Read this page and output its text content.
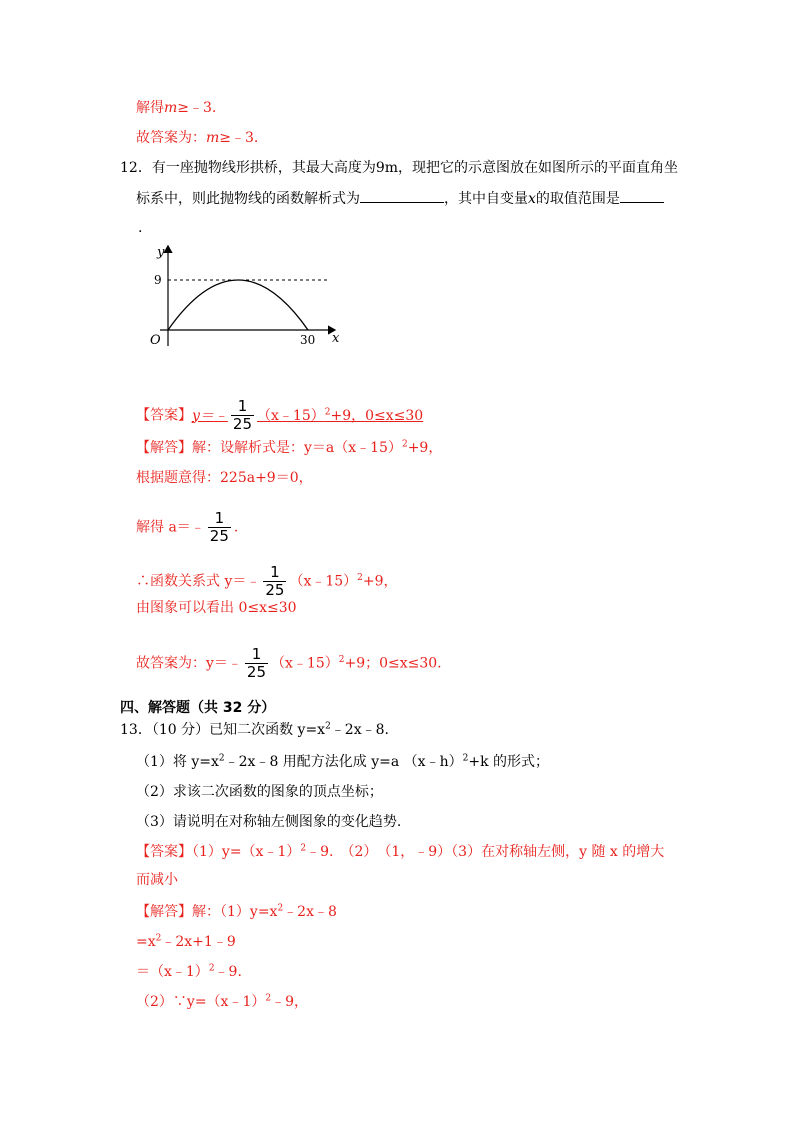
解得m≥﹣3.
故答案为：m≥﹣3.
12．有一座抛物线形拱桥，其最大高度为9m，现把它的示意图放在如图所示的平面直角坐
标系中，则此抛物线的函数解析式为	，其中自变量x的取值范围是
.
y
x
O
9
30
【答案】y＝﹣ $\frac{1}{25}$ （x﹣15）$^2$+9，0≤x≤30
【解答】解：设解析式是：y＝a（x﹣15）$^2$+9，
根据题意得：225a+9＝0，
解得 a＝﹣ $\frac{1}{25}$ .
∴函数关系式 y＝﹣ $\frac{1}{25}$ （x﹣15）$^2$+9，
由图象可以看出 0≤x≤30
故答案为：y＝﹣ $\frac{1}{25}$ （x﹣15）$^2$+9；0≤x≤30.
四、解答题（共 32 分）
13．（10 分）已知二次函数 $y=x^2﹣2x﹣8$.
（1）将 $y=x^2﹣2x﹣8$ 用配方法化成 y=a （x﹣h）$^2$+k 的形式；
（2）求该二次函数的图象的顶点坐标；
（3）请说明在对称轴左侧图象的变化趋势.
【答案】（1）y=（x﹣1）$^2$﹣9.　（2）　（1，﹣9）（3）在对称轴左侧，y 随 x 的增大
而减小
【解答】解：$(1)y=x^2﹣2x﹣8$
$=x^2﹣2x+1﹣9$
＝（x﹣1）$^2$﹣9.
（2）∵y=（x﹣1）$^2$﹣9，
